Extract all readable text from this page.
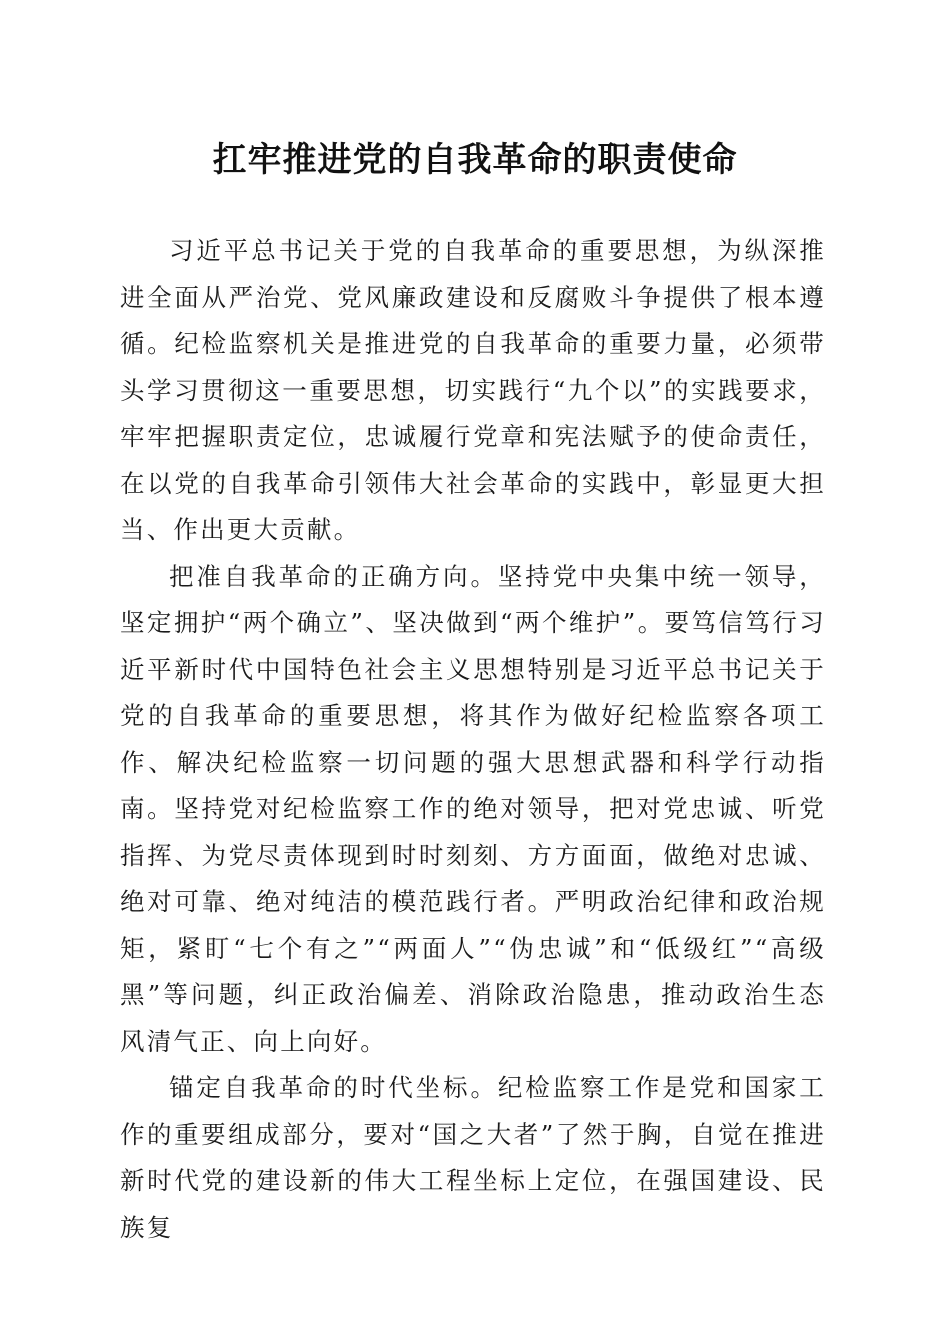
扛牢推进党的自我革命的职责使命

习近平总书记关于党的自我革命的重要思想，为纵深推进全面从严治党、党风廉政建设和反腐败斗争提供了根本遵循。纪检监察机关是推进党的自我革命的重要力量，必须带头学习贯彻这一重要思想，切实践行“九个以”的实践要求，牢牢把握职责定位，忠诚履行党章和宪法赋予的使命责任，在以党的自我革命引领伟大社会革命的实践中，彰显更大担当、作出更大贡献。

把准自我革命的正确方向。坚持党中央集中统一领导，坚定拥护“两个确立”、坚决做到“两个维护”。要笃信笃行习近平新时代中国特色社会主义思想特别是习近平总书记关于党的自我革命的重要思想，将其作为做好纪检监察各项工作、解决纪检监察一切问题的强大思想武器和科学行动指南。坚持党对纪检监察工作的绝对领导，把对党忠诚、听党指挥、为党尽责体现到时时刻刻、方方面面，做绝对忠诚、绝对可靠、绝对纯洁的模范践行者。严明政治纪律和政治规矩，紧盯“七个有之”“两面人”“伪忠诚”和“低级红”“高级黑”等问题，纠正政治偏差、消除政治隐患，推动政治生态风清气正、向上向好。

锚定自我革命的时代坐标。纪检监察工作是党和国家工作的重要组成部分，要对“国之大者”了然于胸，自觉在推进新时代党的建设新的伟大工程坐标上定位，在强国建设、民族复
